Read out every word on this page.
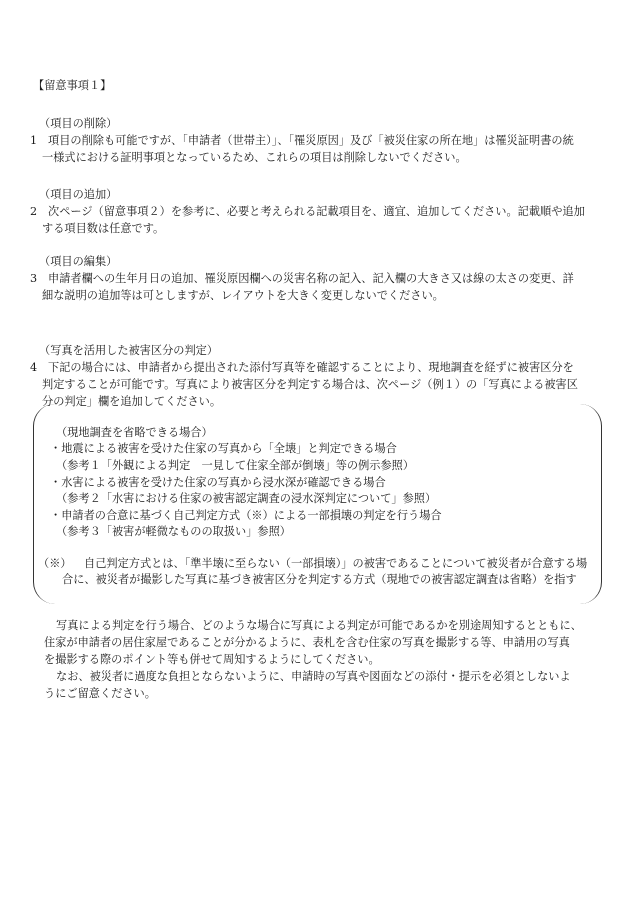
【留意事項１】
（項目の削除）
1 項目の削除も可能ですが、「申請者（世帯主）」、「罹災原因」及び「被災住家の所在地」は罹災証明書の統
一様式における証明事項となっているため、これらの項目は削除しないでください。
（項目の追加）
2 次ページ（留意事項２）を参考に、必要と考えられる記載項目を、適宜、追加してください。記載順や追加
する項目数は任意です。
（項目の編集）
3 申請者欄への生年月日の追加、罹災原因欄への災害名称の記入、記入欄の大きさ又は線の太さの変更、詳
細な説明の追加等は可としますが、レイアウトを大きく変更しないでください。
（写真を活用した被害区分の判定）
4 下記の場合には、申請者から提出された添付写真等を確認することにより、現地調査を経ずに被害区分を
判定することが可能です。写真により被害区分を判定する場合は、次ページ（例１）の「写真による被害区
分の判定」欄を追加してください。
（現地調査を省略できる場合）
・地震による被害を受けた住家の写真から「全壊」と判定できる場合
（参考１「外観による判定　一見して住家全部が倒壊」等の例示参照）
・水害による被害を受けた住家の写真から浸水深が確認できる場合
（参考２「水害における住家の被害認定調査の浸水深判定について」参照）
・申請者の合意に基づく自己判定方式（※）による一部損壊の判定を行う場合
（参考３「被害が軽微なものの取扱い」参照）
（※） 自己判定方式とは、「準半壊に至らない（一部損壊）」の被害であることについて被災者が合意する場
合に、被災者が撮影した写真に基づき被害区分を判定する方式（現地での被害認定調査は省略）を指す
写真による判定を行う場合、どのような場合に写真による判定が可能であるかを別途周知するとともに、
住家が申請者の居住家屋であることが分かるように、表札を含む住家の写真を撮影する等、申請用の写真
を撮影する際のポイント等も併せて周知するようにしてください。
なお、被災者に過度な負担とならないように、申請時の写真や図面などの添付・提示を必須としないよ
うにご留意ください。
